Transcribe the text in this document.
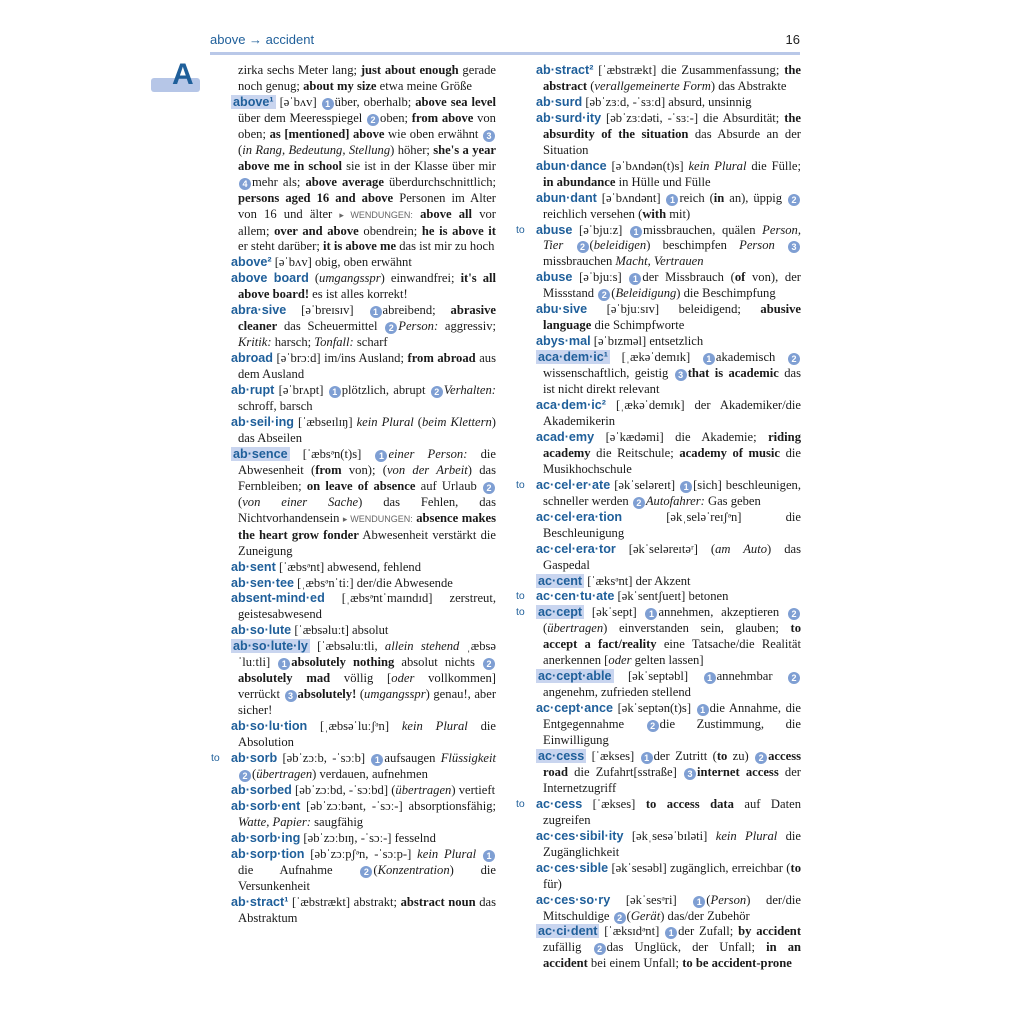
above → accident	16
A	zirka sechs Meter lang; just about enough gerade noch genug; about my size etwa meine Größe
above¹ [əˈbʌv] 1 über, oberhalb; above sea level über dem Meeresspiegel 2 oben; from above von oben; as [mentioned] above wie oben erwähnt 3(in Rang, Bedeutung, Stellung) höher; she's a year above me in school sie ist in der Klasse über mir 4 mehr als; above average überdurchschnittlich; persons aged 16 and above Personen im Alter von 16 und älter ▸ WENDUNGEN: above all vor allem; over and above obendrein; he is above it er steht darüber; it is above me das ist mir zu hoch
above² [əˈbʌv] obig, oben erwähnt
above board (umgangsspr) einwandfrei; it's all above board! es ist alles korrekt!
abra·sive [əˈbreɪsɪv] 1 abreibend; abrasive cleaner das Scheuermittel 2 Person: aggressiv; Kritik: harsch; Tonfall: scharf
abroad [əˈbrɔːd] im/ins Ausland; from abroad aus dem Ausland
ab·rupt [əˈbrʌpt] 1 plötzlich, abrupt 2 Verhalten: schroff, barsch
ab·seil·ing [ˈæbseɪlɪŋ] kein Plural (beim Klettern) das Abseilen
ab·sence [ˈæbsᵊn(t)s] 1 einer Person: die Abwesenheit (from von); (von der Arbeit) das Fernbleiben; on leave of absence auf Urlaub 2(von einer Sache) das Fehlen, das Nichtvorhandensein ▸ WENDUNGEN: absence makes the heart grow fonder Abwesenheit verstärkt die Zuneigung
ab·sent [ˈæbsᵊnt] abwesend, fehlend
ab·sen·tee [ˌæbsᵊnˈtiː] der/die Abwesende
absent-mind·ed [ˌæbsᵊntˈmaɪndɪd] zerstreut, geistesabwesend
ab·so·lute [ˈæbsəluːt] absolut
ab·so·lute·ly [ˈæbsəluːtli, allein stehend ˌæbsəˈluːtli] 1 absolutely nothing absolut nichts 2absolutely mad völlig [oder vollkommen] verrückt 3 absolutely! (umgangsspr) genau!, aber sicher!
ab·so·lu·tion [ˌæbsəˈluːʃᵊn] kein Plural die Absolution
to ab·sorb [əbˈzɔːb, -ˈsɔːb] 1 aufsaugen Flüssigkeit 2 (übertragen) verdauen, aufnehmen
ab·sorbed [əbˈzɔːbd, -ˈsɔːbd] (übertragen) vertieft
ab·sorb·ent [əbˈzɔːbənt, -ˈsɔː-] absorptionsfähig; Watte, Papier: saugfähig
ab·sorb·ing [əbˈzɔːbɪŋ, -ˈsɔː-] fesselnd
ab·sorp·tion [əbˈzɔːpʃᵊn, -ˈsɔːp-] kein Plural 1die Aufnahme 2 (Konzentration) die Versunkenheit
ab·stract¹ [ˈæbstrækt] abstrakt; abstract noun das Abstraktum
ab·stract² [ˈæbstrækt] die Zusammenfassung; the abstract (verallgemeinerte Form) das Abstrakte
ab·surd [əbˈzɜːd, -ˈsɜːd] absurd, unsinnig
ab·surd·ity [əbˈzɜːdəti, -ˈsɜː-] die Absurdität; the absurdity of the situation das Absurde an der Situation
abun·dance [əˈbʌndən(t)s] kein Plural die Fülle; in abundance in Hülle und Fülle
abun·dant [əˈbʌndənt] 1 reich (in an), üppig 2reichlich versehen (with mit)
to abuse [əˈbjuːz] 1 missbrauchen, quälen Person, Tier 2 (beleidigen) beschimpfen Person 3missbrauchen Macht, Vertrauen
abuse [əˈbjuːs] 1 der Missbrauch (of von), der Missstand 2 (Beleidigung) die Beschimpfung
abu·sive [əˈbjuːsɪv] beleidigend; abusive language die Schimpfworte
abys·mal [əˈbɪzməl] entsetzlich
aca·dem·ic¹ [ˌækəˈdemɪk] 1 akademisch 2wissenschaftlich, geistig 3 that is academic das ist nicht direkt relevant
aca·dem·ic² [ˌækəˈdemɪk] der Akademiker/die Akademikerin
acad·emy [əˈkædəmi] die Akademie; riding academy die Reitschule; academy of music die Musikhochschule
to ac·cel·er·ate [əkˈseləreɪt] 1 [sich] beschleunigen, schneller werden 2 Autofahrer: Gas geben
ac·cel·era·tion [əkˌseləˈreɪʃᵊn] die Beschleunigung
ac·cel·era·tor [əkˈseləreɪtəʳ] (am Auto) das Gaspedal
ac·cent [ˈæksᵊnt] der Akzent
to ac·cen·tu·ate [əkˈsentʃueɪt] betonen
to ac·cept [əkˈsept] 1 annehmen, akzeptieren 2(übertragen) einverstanden sein, glauben; to accept a fact/reality eine Tatsache/die Realität anerkennen [oder gelten lassen]
ac·cept·able [əkˈseptəbl] 1 annehmbar 2angenehm, zufrieden stellend
ac·cept·ance [əkˈseptən(t)s] 1 die Annahme, die Entgegennahme 2 die Zustimmung, die Einwilligung
ac·cess [ˈækses] 1 der Zutritt (to zu) 2 access road die Zufahrt[sstraße] 3 internet access der Internetzugriff
to ac·cess [ˈækses] to access data auf Daten zugreifen
ac·ces·sibil·ity [əkˌsesəˈbɪləti] kein Plural die Zugänglichkeit
ac·ces·sible [əkˈsesəbl] zugänglich, erreichbar (to für)
ac·ces·so·ry [əkˈsesᵊri] 1 (Person) der/die Mitschuldige 2 (Gerät) das/der Zubehör
ac·ci·dent [ˈæksɪdᵊnt] 1 der Zufall; by accident zufällig 2 das Unglück, der Unfall; in an accident bei einem Unfall; to be accident-prone
